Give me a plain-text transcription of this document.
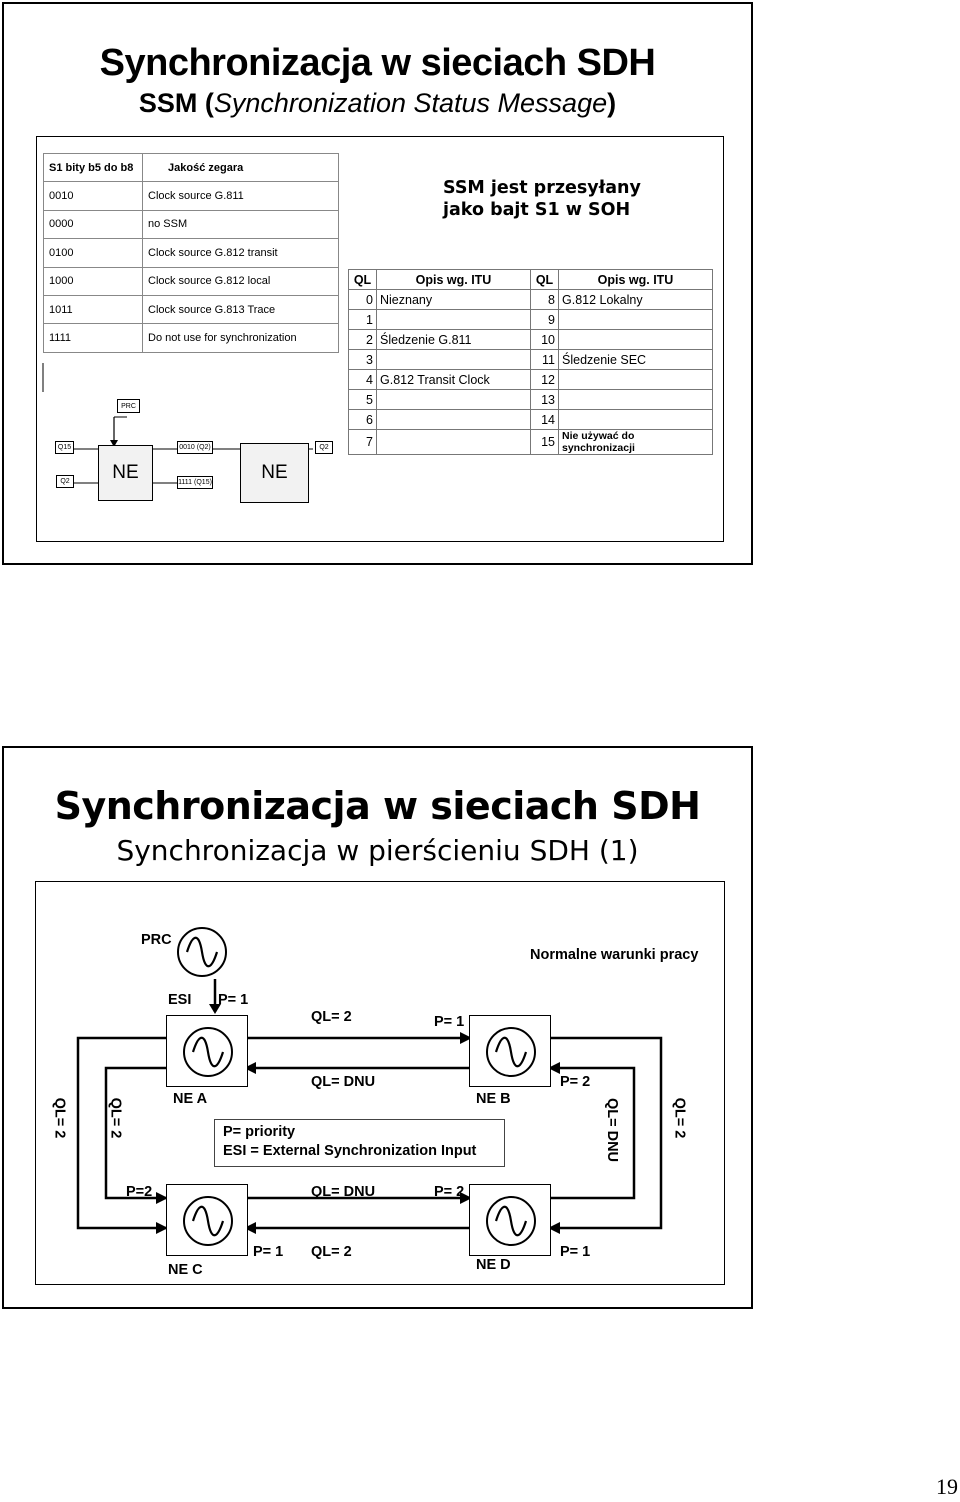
Synchronizacja w sieciach SDH
SSM (Synchronization Status Message)
S1 bity b5 do b8	Jakość zegara
0010	Clock source G.811
0000	no SSM
0100	Clock source G.812 transit
1000	Clock source G.812 local
1011	Clock source G.813 Trace
1111	Do not use for synchronization
SSM jest przesyłany
jako bajt S1 w SOH
QL	Opis wg. ITU	QL	Opis wg. ITU
0	Nieznany	8	G.812 Lokalny
1		9	
2	Śledzenie G.811	10	
3		11	Śledzenie SEC
4	G.812 Transit Clock	12	
5		13	
6		14	
7		15	Nie używać do synchronizacji
PRC
Q15
Q2	NE
0010 (Q2)
1111 (Q15)	NE
Q2
Synchronizacja w sieciach SDH
Synchronizacja w pierścieniu SDH (1)
PRC
Normalne warunki pracy
ESI P= 1
QL= 2	P= 1
QL= DNU	P= 2
NE A	NE B
QL= 2	QL= 2	QL= DNU	QL= 2
P= priority
ESI = External Synchronization Input
P=2	QL= DNU	P= 2
P= 1 QL= 2	P= 1
NE C	NE D
19
